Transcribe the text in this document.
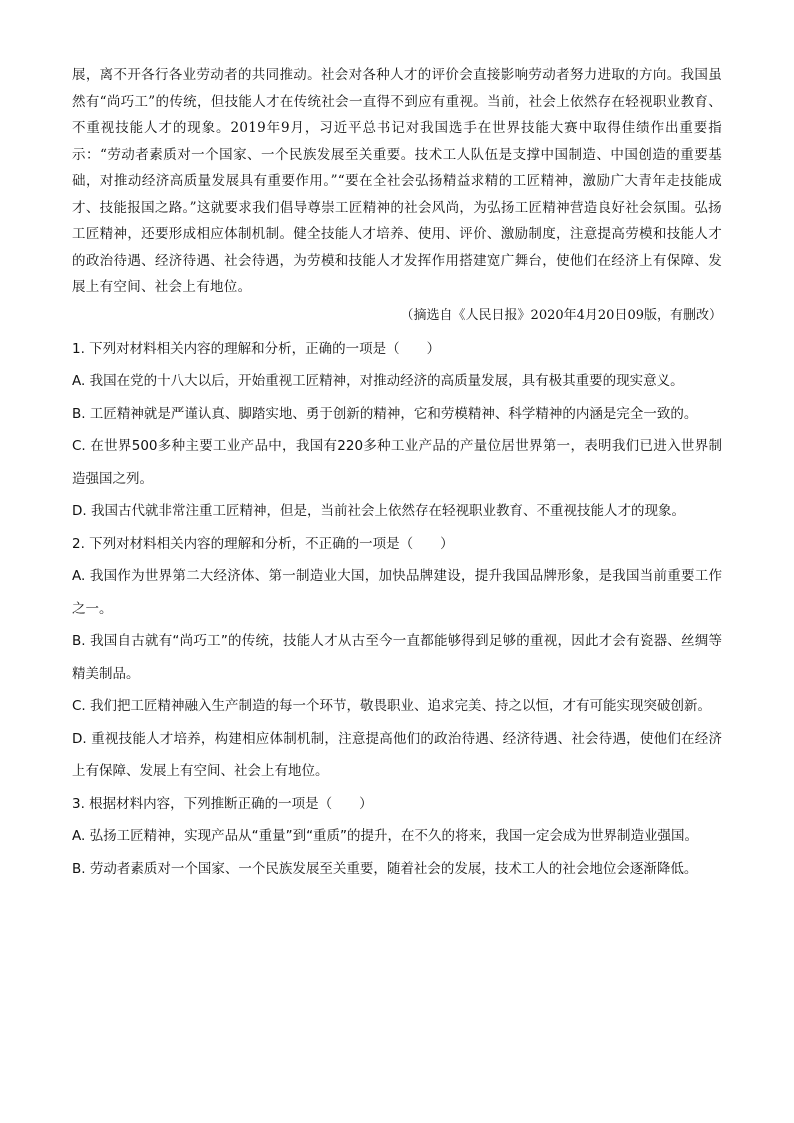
展，离不开各行各业劳动者的共同推动。社会对各种人才的评价会直接影响劳动者努力进取的方向。我国虽然有“尚巧工”的传统，但技能人才在传统社会一直得不到应有重视。当前，社会上依然存在轻视职业教育、不重视技能人才的现象。2019年9月，习近平总书记对我国选手在世界技能大赛中取得佳绩作出重要指示：“劳动者素质对一个国家、一个民族发展至关重要。技术工人队伍是支撑中国制造、中国创造的重要基础，对推动经济高质量发展具有重要作用。”“要在全社会弘扬精益求精的工匠精神，激励广大青年走技能成才、技能报国之路。”这就要求我们倡导尊崇工匠精神的社会风尚，为弘扬工匠精神营造良好社会氛围。弘扬工匠精神，还要形成相应体制机制。健全技能人才培养、使用、评价、激励制度，注意提高劳模和技能人才的政治待遇、经济待遇、社会待遇，为劳模和技能人才发挥作用搭建宽广舞台，使他们在经济上有保障、发展上有空间、社会上有地位。

（摘选自《人民日报》2020年4月20日09版，有删改）

1. 下列对材料相关内容的理解和分析，正确的一项是（　　）

A. 我国在党的十八大以后，开始重视工匠精神，对推动经济的高质量发展，具有极其重要的现实意义。

B. 工匠精神就是严谨认真、脚踏实地、勇于创新的精神，它和劳模精神、科学精神的内涵是完全一致的。

C. 在世界500多种主要工业产品中，我国有220多种工业产品的产量位居世界第一，表明我们已进入世界制造强国之列。

D. 我国古代就非常注重工匠精神，但是，当前社会上依然存在轻视职业教育、不重视技能人才的现象。

2. 下列对材料相关内容的理解和分析，不正确的一项是（　　）

A. 我国作为世界第二大经济体、第一制造业大国，加快品牌建设，提升我国品牌形象，是我国当前重要工作之一。

B. 我国自古就有“尚巧工”的传统，技能人才从古至今一直都能够得到足够的重视，因此才会有瓷器、丝绸等精美制品。

C. 我们把工匠精神融入生产制造的每一个环节，敬畏职业、追求完美、持之以恒，才有可能实现突破创新。

D. 重视技能人才培养，构建相应体制机制，注意提高他们的政治待遇、经济待遇、社会待遇，使他们在经济上有保障、发展上有空间、社会上有地位。

3. 根据材料内容，下列推断正确的一项是（　　）

A. 弘扬工匠精神，实现产品从“重量”到“重质”的提升，在不久的将来，我国一定会成为世界制造业强国。

B. 劳动者素质对一个国家、一个民族发展至关重要，随着社会的发展，技术工人的社会地位会逐渐降低。
